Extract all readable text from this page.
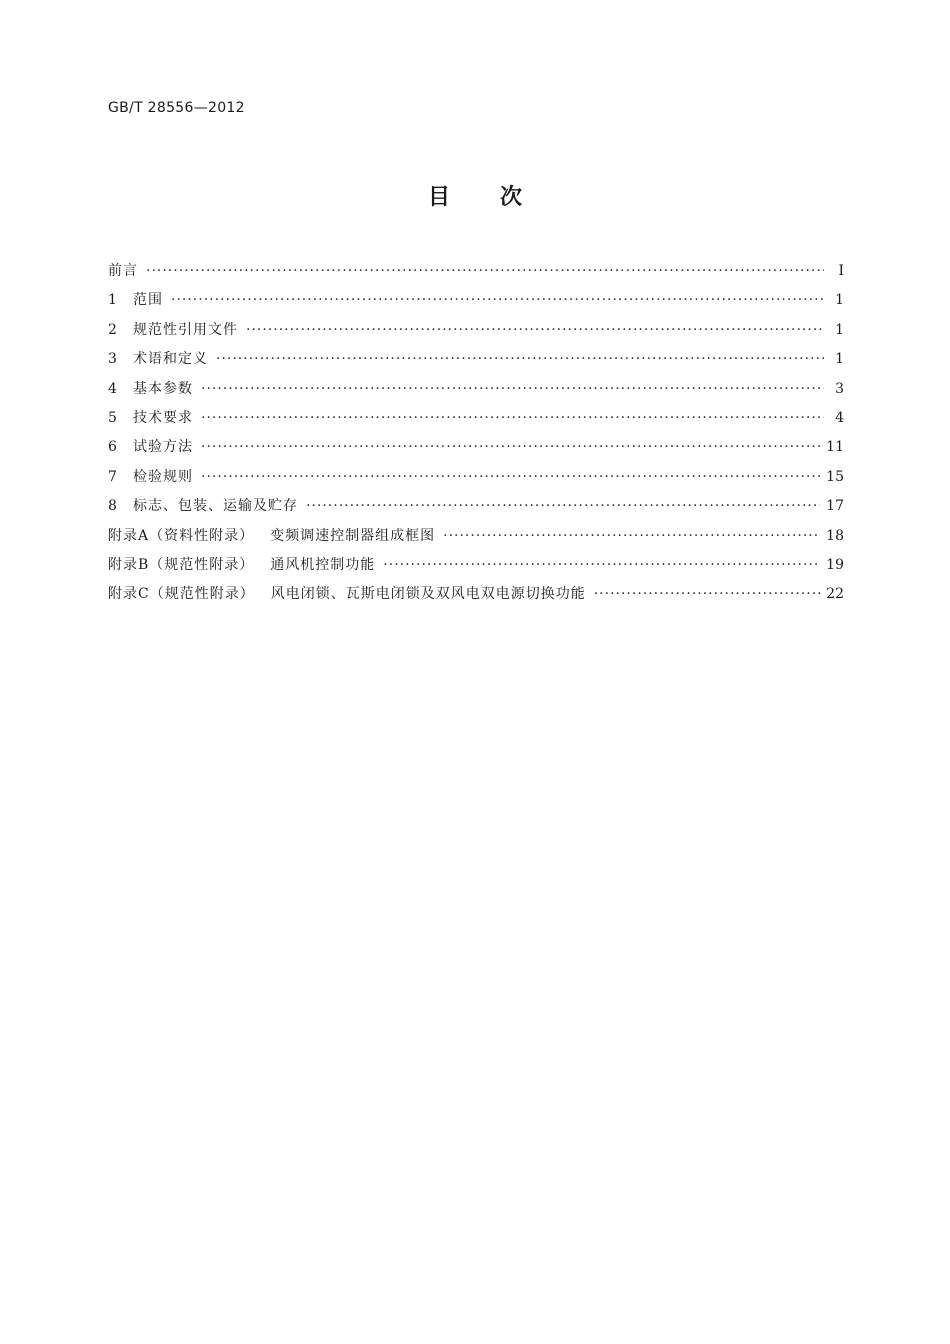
GB/T 28556—2012
目次
前言 ·····	Ⅰ
1	范围 ·····	1
2	规范性引用文件 ·····	1
3	术语和定义 ·····	1
4	基本参数 ·····	3
5	技术要求 ·····	4
6	试验方法 ·····	11
7	检验规则 ·····	15
8	标志、包装、运输及贮存 ·····	17
附录A（资料性附录） 变频调速控制器组成框图 ·····	18
附录B（规范性附录） 通风机控制功能 ·····	19
附录C（规范性附录） 风电闭锁、瓦斯电闭锁及双风电双电源切换功能 ·····	22
